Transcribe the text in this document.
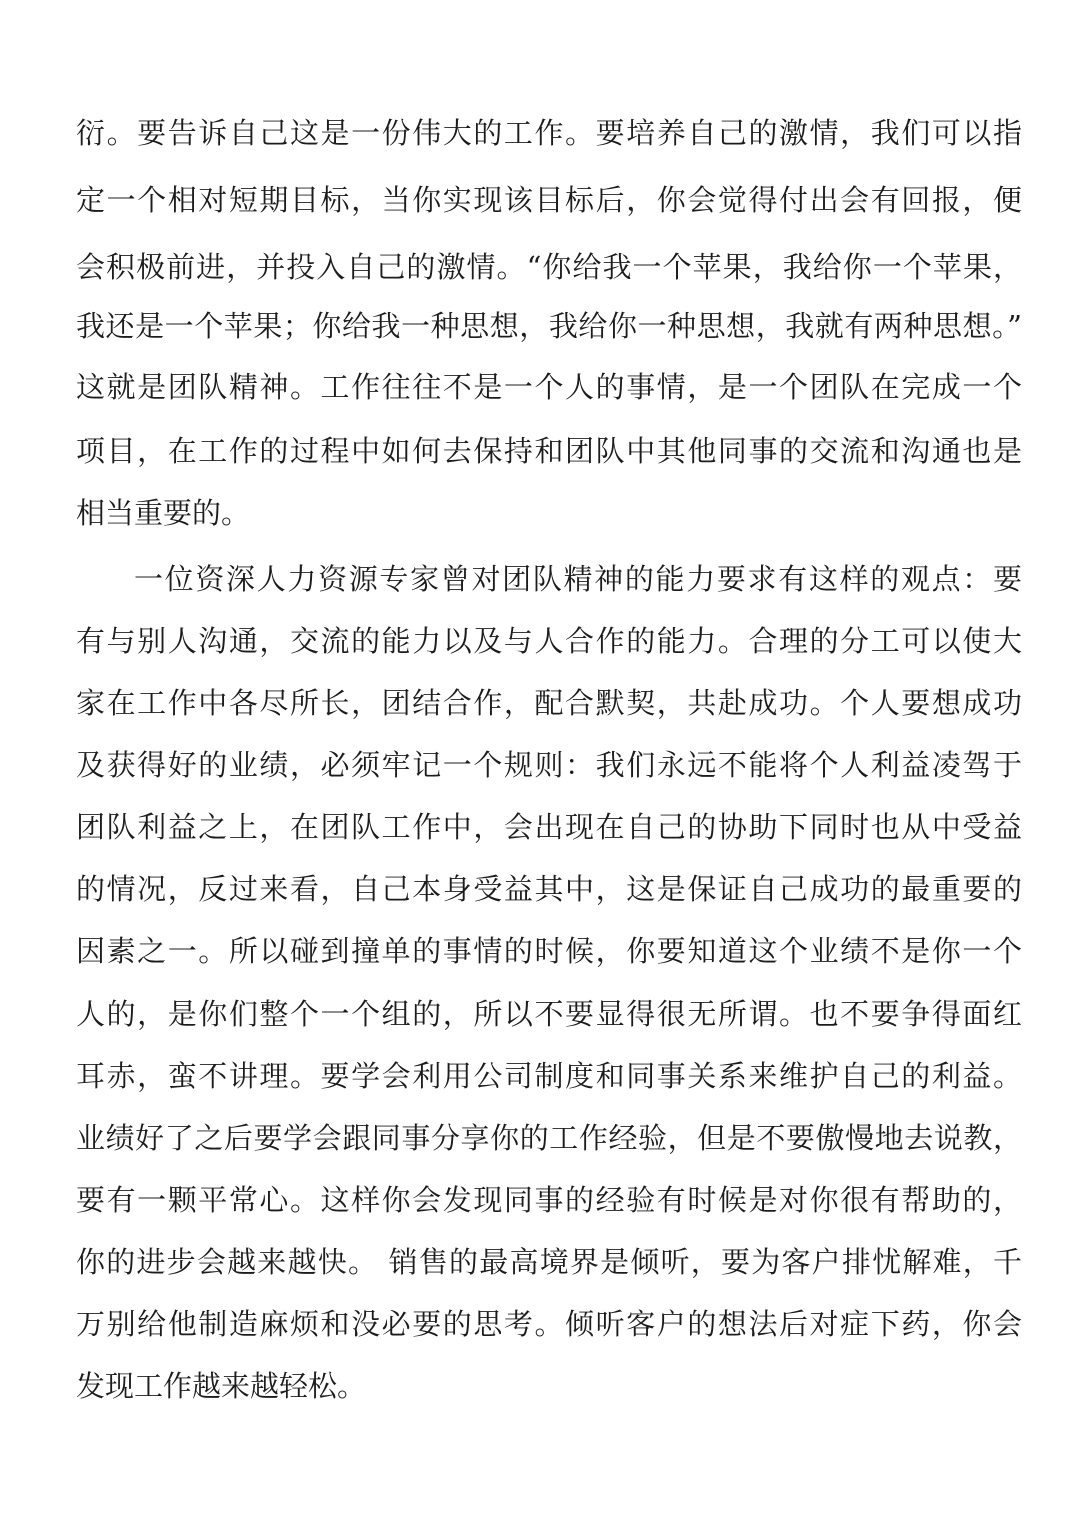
衍。要告诉自己这是一份伟大的工作。要培养自己的激情，我们可以指

定一个相对短期目标，当你实现该目标后，你会觉得付出会有回报，便

会积极前进，并投入自己的激情。“你给我一个苹果，我给你一个苹果，

我还是一个苹果；你给我一种思想，我给你一种思想，我就有两种思想。”

这就是团队精神。工作往往不是一个人的事情，是一个团队在完成一个

项目，在工作的过程中如何去保持和团队中其他同事的交流和沟通也是

相当重要的。

一位资深人力资源专家曾对团队精神的能力要求有这样的观点：要

有与别人沟通，交流的能力以及与人合作的能力。合理的分工可以使大

家在工作中各尽所长，团结合作，配合默契，共赴成功。个人要想成功

及获得好的业绩，必须牢记一个规则：我们永远不能将个人利益凌驾于

团队利益之上，在团队工作中，会出现在自己的协助下同时也从中受益

的情况，反过来看，自己本身受益其中，这是保证自己成功的最重要的

因素之一。所以碰到撞单的事情的时候，你要知道这个业绩不是你一个

人的，是你们整个一个组的，所以不要显得很无所谓。也不要争得面红

耳赤，蛮不讲理。要学会利用公司制度和同事关系来维护自己的利益。

业绩好了之后要学会跟同事分享你的工作经验，但是不要傲慢地去说教，

要有一颗平常心。这样你会发现同事的经验有时候是对你很有帮助的，

你的进步会越来越快。 销售的最高境界是倾听，要为客户排忧解难，千

万别给他制造麻烦和没必要的思考。倾听客户的想法后对症下药，你会

发现工作越来越轻松。
